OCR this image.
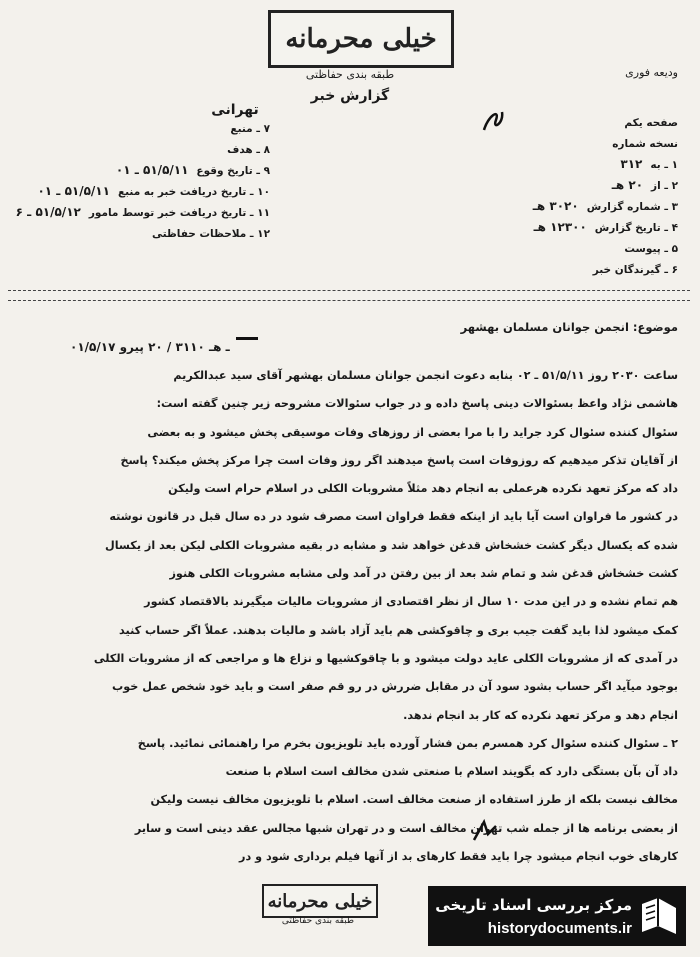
خیلی محرمانه
طبقه بندی حفاظتی
گزارش خبر
ودیعه فوری
تهرانی
۷ ـ منبع
۸ ـ هدف
۹ ـ تاریخ وقوع۵۱/۵/۱۱ ـ ۰۱
۱۰ ـ تاریخ دریافت خبر به منبع۵۱/۵/۱۱ ـ ۰۱
۱۱ ـ تاریخ دریافت خبر توسط مامور۵۱/۵/۱۲ ـ ۶
۱۲ ـ ملاحظات حفاظتی
صفحه یکم
نسخه شماره
۱ ـ به۳۱۲
۲ ـ از۲۰ هـ
۳ ـ شماره گزارش۳۰۲۰ هـ
۴ ـ تاریخ گزارش۱۲۳۰۰ هـ
۵ ـ پیوست
۶ ـ گیرندگان خبر
موضوع: انجمن جوانان مسلمان بهشهر
۰۱/۵/۱۷ ـ هـ ۳۱۱۰ / ۲۰ پیرو
ساعت ۲۰۳۰ روز ۵۱/۵/۱۱ ـ ۰۲ بنابه دعوت انجمن جوانان مسلمان بهشهر آقای سید عبدالکریم
هاشمی نژاد واعظ بسئوالات دینی پاسخ داده و در جواب سئوالات مشروحه زیر چنین گفته است:
سئوال کننده سئوال کرد جراید را با مرا بعضی از روزهای وفات موسیقی پخش میشود و به بعضی
از آقایان تذکر میدهیم که روزوفات است پاسخ میدهند اگر روز وفات است چرا مرکز پخش میکند؟ پاسخ
داد که مرکز تعهد نکرده هرعملی به انجام دهد مثلاً مشروبات الکلی در اسلام حرام است ولیکن
در کشور ما فراوان است آیا باید از اینکه فقط فراوان است مصرف شود در ده سال قبل در قانون نوشته
شده که یکسال دیگر کشت خشخاش قدغن خواهد شد و مشابه در بقیه مشروبات الکلی لیکن بعد از یکسال
کشت خشخاش قدغن شد و تمام شد بعد از بین رفتن در آمد ولی مشابه مشروبات الکلی هنوز
هم تمام نشده و در این مدت ۱۰ سال از نظر اقتصادی از مشروبات مالیات میگیرند بالاقتصاد کشور
کمک میشود لذا باید گفت جیب بری و چاقوکشی هم باید آزاد باشد و مالیات بدهند. عملاً اگر حساب کنید
در آمدی که از مشروبات الکلی عاید دولت میشود و با چاقوکشیها و نزاع ها و مراجعی که از مشروبات الکلی
بوجود میآید اگر حساب بشود سود آن در مقابل ضررش در رو قم صفر است و باید خود شخص عمل خوب
انجام دهد و مرکز تعهد نکرده که کار بد انجام ندهد.
۲ ـ سئوال کننده سئوال کرد همسرم بمن فشار آورده باید تلویزیون بخرم مرا راهنمائی نمائید. پاسخ
داد آن بآن بستگی دارد که بگویند اسلام با صنعتی شدن مخالف است اسلام با صنعت
مخالف نیست بلکه از طرز استفاده از صنعت مخالف است. اسلام با تلویزیون مخالف نیست ولیکن
از بعضی برنامه ها از جمله شب تهران مخالف است و در تهران شبها مجالس عقد دینی است و سایر
کارهای خوب انجام میشود چرا باید فقط کارهای بد از آنها فیلم برداری شود و در
خیلی محرمانه
طبقه بندی حفاظتی
مرکز بررسی اسناد تاریخی
historydocuments.ir
